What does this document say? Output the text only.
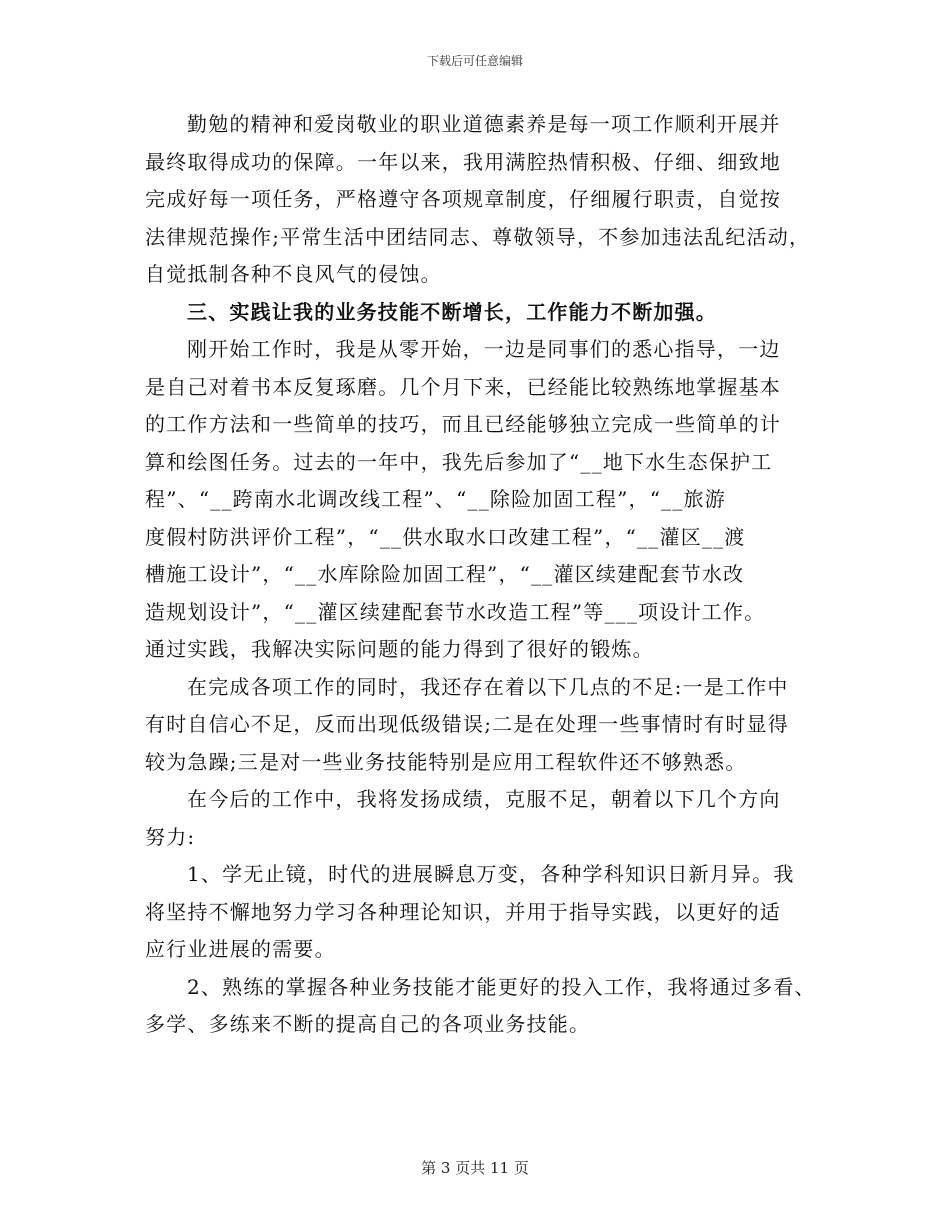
下载后可任意编辑
勤勉的精神和爱岗敬业的职业道德素养是每一项工作顺利开展并
最终取得成功的保障。一年以来，我用满腔热情积极、仔细、细致地
完成好每一项任务，严格遵守各项规章制度，仔细履行职责，自觉按
法律规范操作;平常生活中团结同志、尊敬领导，不参加违法乱纪活动，
自觉抵制各种不良风气的侵蚀。
三、实践让我的业务技能不断增长，工作能力不断加强。
刚开始工作时，我是从零开始，一边是同事们的悉心指导，一边
是自己对着书本反复琢磨。几个月下来，已经能比较熟练地掌握基本
的工作方法和一些简单的技巧，而且已经能够独立完成一些简单的计
算和绘图任务。过去的一年中，我先后参加了“__地下水生态保护工
程”、“__跨南水北调改线工程”、“__除险加固工程”，“__旅游
度假村防洪评价工程”，“__供水取水口改建工程”，“__灌区__渡
槽施工设计”，“__水库除险加固工程”，“__灌区续建配套节水改
造规划设计”，“__灌区续建配套节水改造工程”等___项设计工作。
通过实践，我解决实际问题的能力得到了很好的锻炼。
在完成各项工作的同时，我还存在着以下几点的不足:一是工作中
有时自信心不足，反而出现低级错误;二是在处理一些事情时有时显得
较为急躁;三是对一些业务技能特别是应用工程软件还不够熟悉。
在今后的工作中，我将发扬成绩，克服不足，朝着以下几个方向
努力:
1、学无止镜，时代的进展瞬息万变，各种学科知识日新月异。我
将坚持不懈地努力学习各种理论知识，并用于指导实践，以更好的适
应行业进展的需要。
2、熟练的掌握各种业务技能才能更好的投入工作，我将通过多看、
多学、多练来不断的提高自己的各项业务技能。
第 3 页共 11 页
